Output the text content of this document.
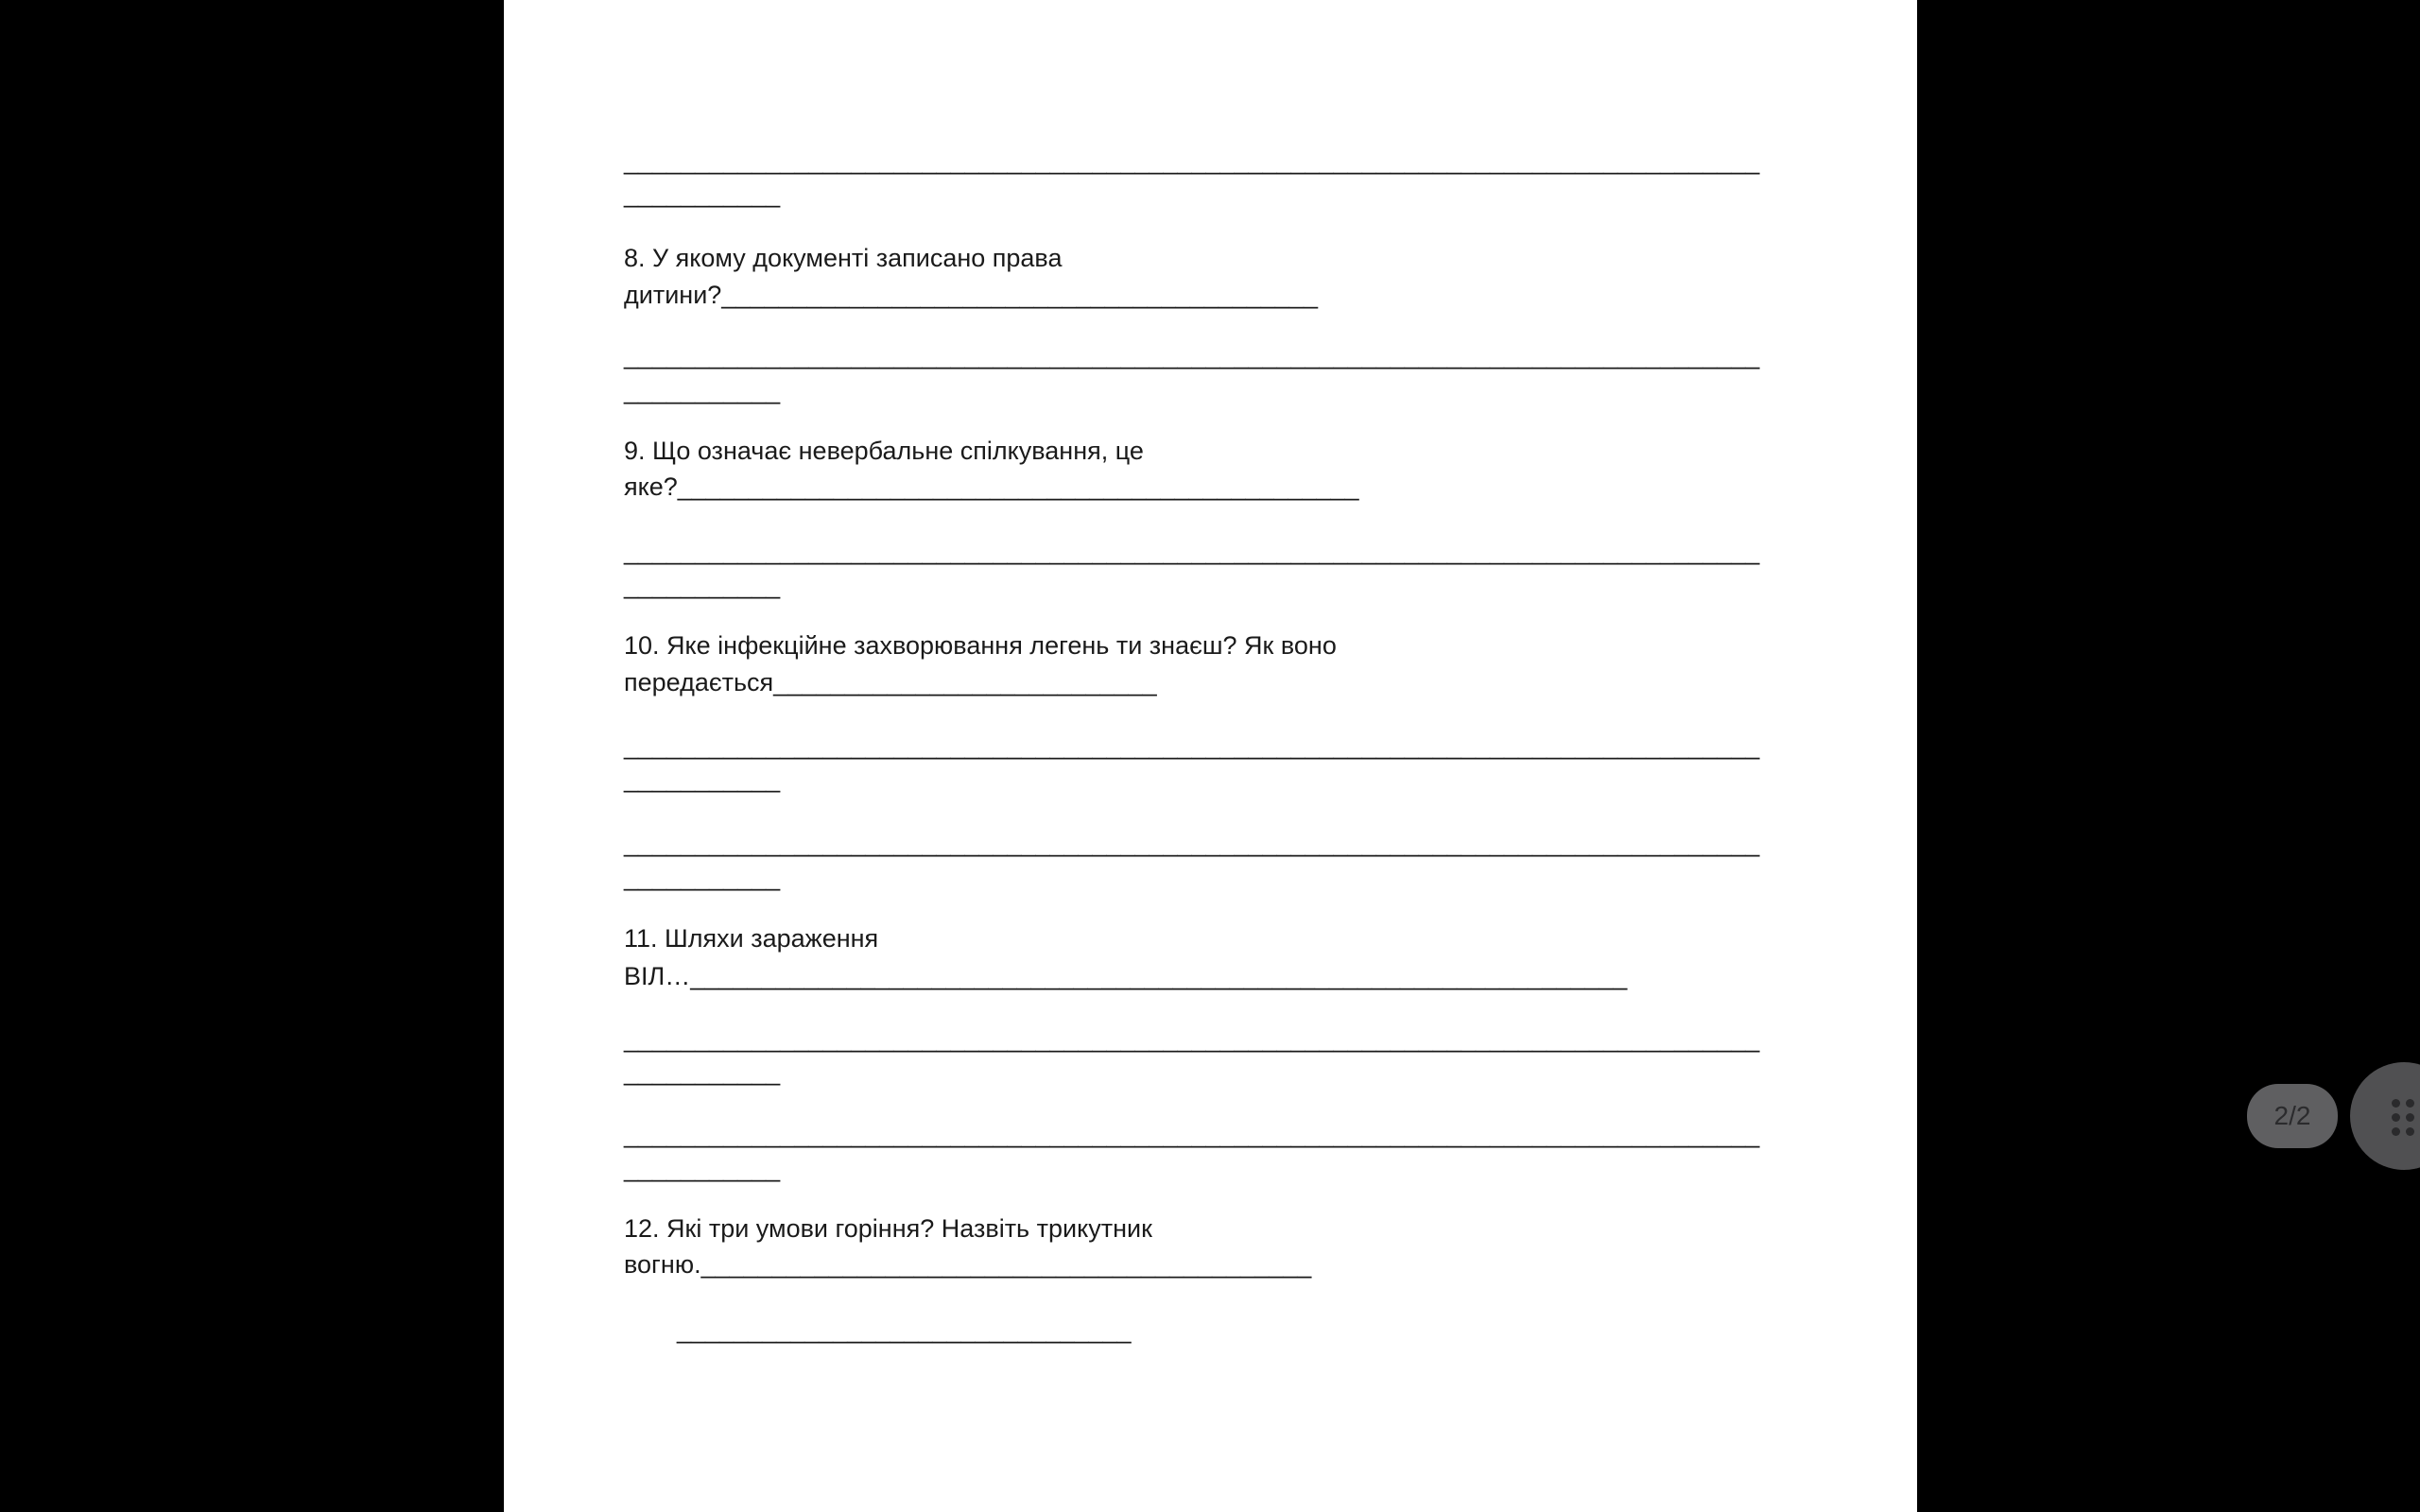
________________________________________________________________________________
___________
8. У якому документі записано права
дитини?__________________________________________
________________________________________________________________________________
___________
9. Що означає невербальне спілкування, це
яке?________________________________________________
________________________________________________________________________________
___________
10. Яке інфекційне захворювання легень ти знаєш? Як воно
передається___________________________
________________________________________________________________________________
___________
________________________________________________________________________________
___________
11. Шляхи зараження
ВІЛ…__________________________________________________________________
________________________________________________________________________________
___________
________________________________________________________________________________
___________
12. Які три умови горіння? Назвіть трикутник
вогню.___________________________________________
________________________________
2/2
